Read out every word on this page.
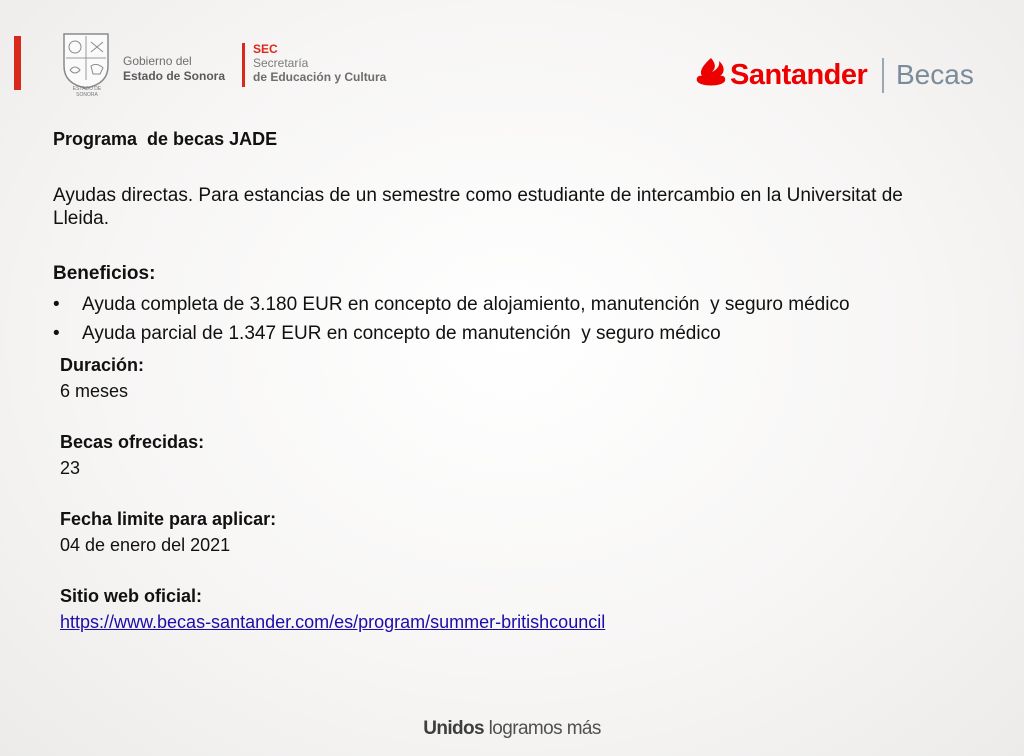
ESTADO DE SONORA
Gobierno del
Estado de Sonora
SEC
Secretaría
de Educación y Cultura	Santander Becas
Programa  de becas JADE
Ayudas directas. Para estancias de un semestre como estudiante de intercambio en la Universitat de Lleida.
Beneficios:
• Ayuda completa de 3.180 EUR en concepto de alojamiento, manutención  y seguro médico
• Ayuda parcial de 1.347 EUR en concepto de manutención  y seguro médico
Duración:
6 meses
Becas ofrecidas:
23
Fecha limite para aplicar:
04 de enero del 2021
Sitio web oficial:
https://www.becas-santander.com/es/program/summer-britishcouncil
Unidos logramos más
